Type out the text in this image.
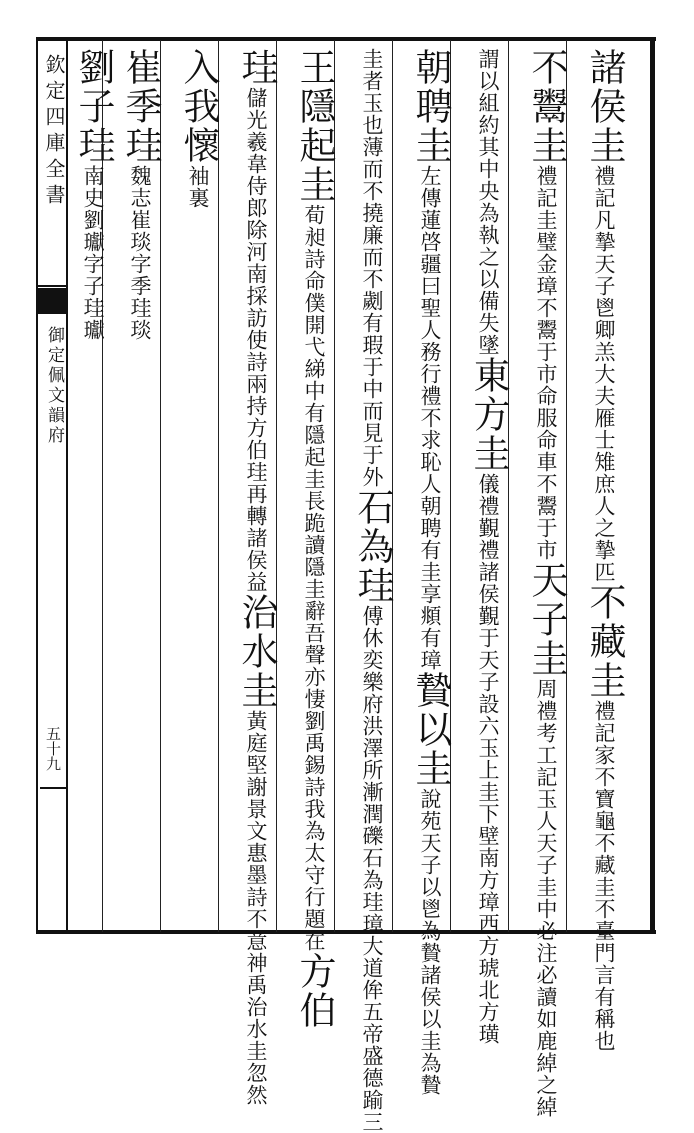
欽定四庫全書
御定佩文韻府
五十九
諸侯圭禮記凡摯天子鬯卿羔大夫雁士雉庶人之摯匹不藏圭禮記家不寶龜不藏圭不臺門言有稱也
不鬻圭禮記圭璧金璋不鬻于市命服命車不鬻于市天子圭周禮考工記玉人天子圭中必注必讀如鹿綽之綽
謂以組約其中央為執之以備失墜東方圭儀禮覲禮諸侯覲于天子設六玉上圭下壁南方璋西方琥北方璜
朝聘圭左傳蓮啓疆曰聖人務行禮不求恥人朝聘有圭享頫有璋贄以圭說苑天子以鬯為贄諸侯以圭為贄
圭者玉也薄而不撓廉而不劌有瑕于中而見于外石為珪傅休奕樂府洪澤所漸潤礫石為珪璋大道侔五帝盛德踰三
王隱起圭荀昶詩命僕開弋綈中有隱起圭長跪讀隱圭辭吾聲亦悽劉禹錫詩我為太守行題在方伯
珪儲光羲韋侍郎除河南採訪使詩兩持方伯珪再轉諸侯益治水圭黃庭堅謝景文惠墨詩不意神禹治水圭忽然
入我懷袖裏
崔季珪魏志崔琰字季珪琰
劉子珪南史劉瓛字子珪瓛
